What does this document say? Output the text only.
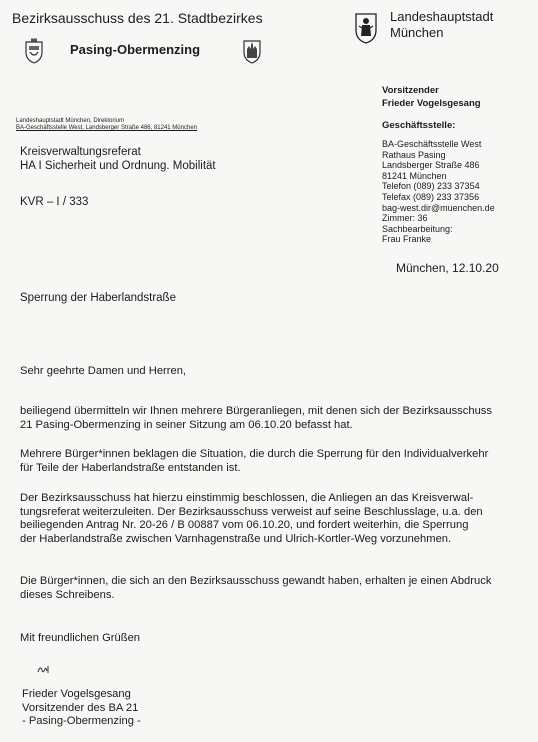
Bezirksausschuss des 21. Stadtbezirkes
Pasing-Obermenzing
Landeshauptstadt
München
Vorsitzender
Frieder Vogelsgesang
Geschäftsstelle:
BA-Geschäftsstelle West
Rathaus Pasing
Landsberger Straße 486
81241 München
Telefon (089) 233 37354
Telefax (089) 233 37356
bag-west.dir@muenchen.de
Zimmer: 36
Sachbearbeitung:
Frau Franke
München, 12.10.20
Landeshauptstadt München, Direktorium
BA-Geschäftsstelle West, Landsberger Straße 486, 81241 München
Kreisverwaltungsreferat
HA I Sicherheit und Ordnung. Mobilität
KVR – I / 333
Sperrung der Haberlandstraße
Sehr geehrte Damen und Herren,
beiliegend übermitteln wir Ihnen mehrere Bürgeranliegen, mit denen sich der Bezirksausschuss
21 Pasing-Obermenzing in seiner Sitzung am 06.10.20 befasst hat.
Mehrere Bürger*innen beklagen die Situation, die durch die Sperrung für den Individualverkehr
für Teile der Haberlandstraße entstanden ist.
Der Bezirksausschuss hat hierzu einstimmig beschlossen, die Anliegen an das Kreisverwal-
tungsreferat weiterzuleiten. Der Bezirksausschuss verweist auf seine Beschlusslage, u.a. den
beiliegenden Antrag Nr. 20-26 / B 00887 vom 06.10.20, und fordert weiterhin, die Sperrung
der Haberlandstraße zwischen Varnhagenstraße und Ulrich-Kortler-Weg vorzunehmen.
Die Bürger*innen, die sich an den Bezirksausschuss gewandt haben, erhalten je einen Abdruck
dieses Schreibens.
Mit freundlichen Grüßen
Frieder Vogelsgesang
Vorsitzender des BA 21
- Pasing-Obermenzing -
